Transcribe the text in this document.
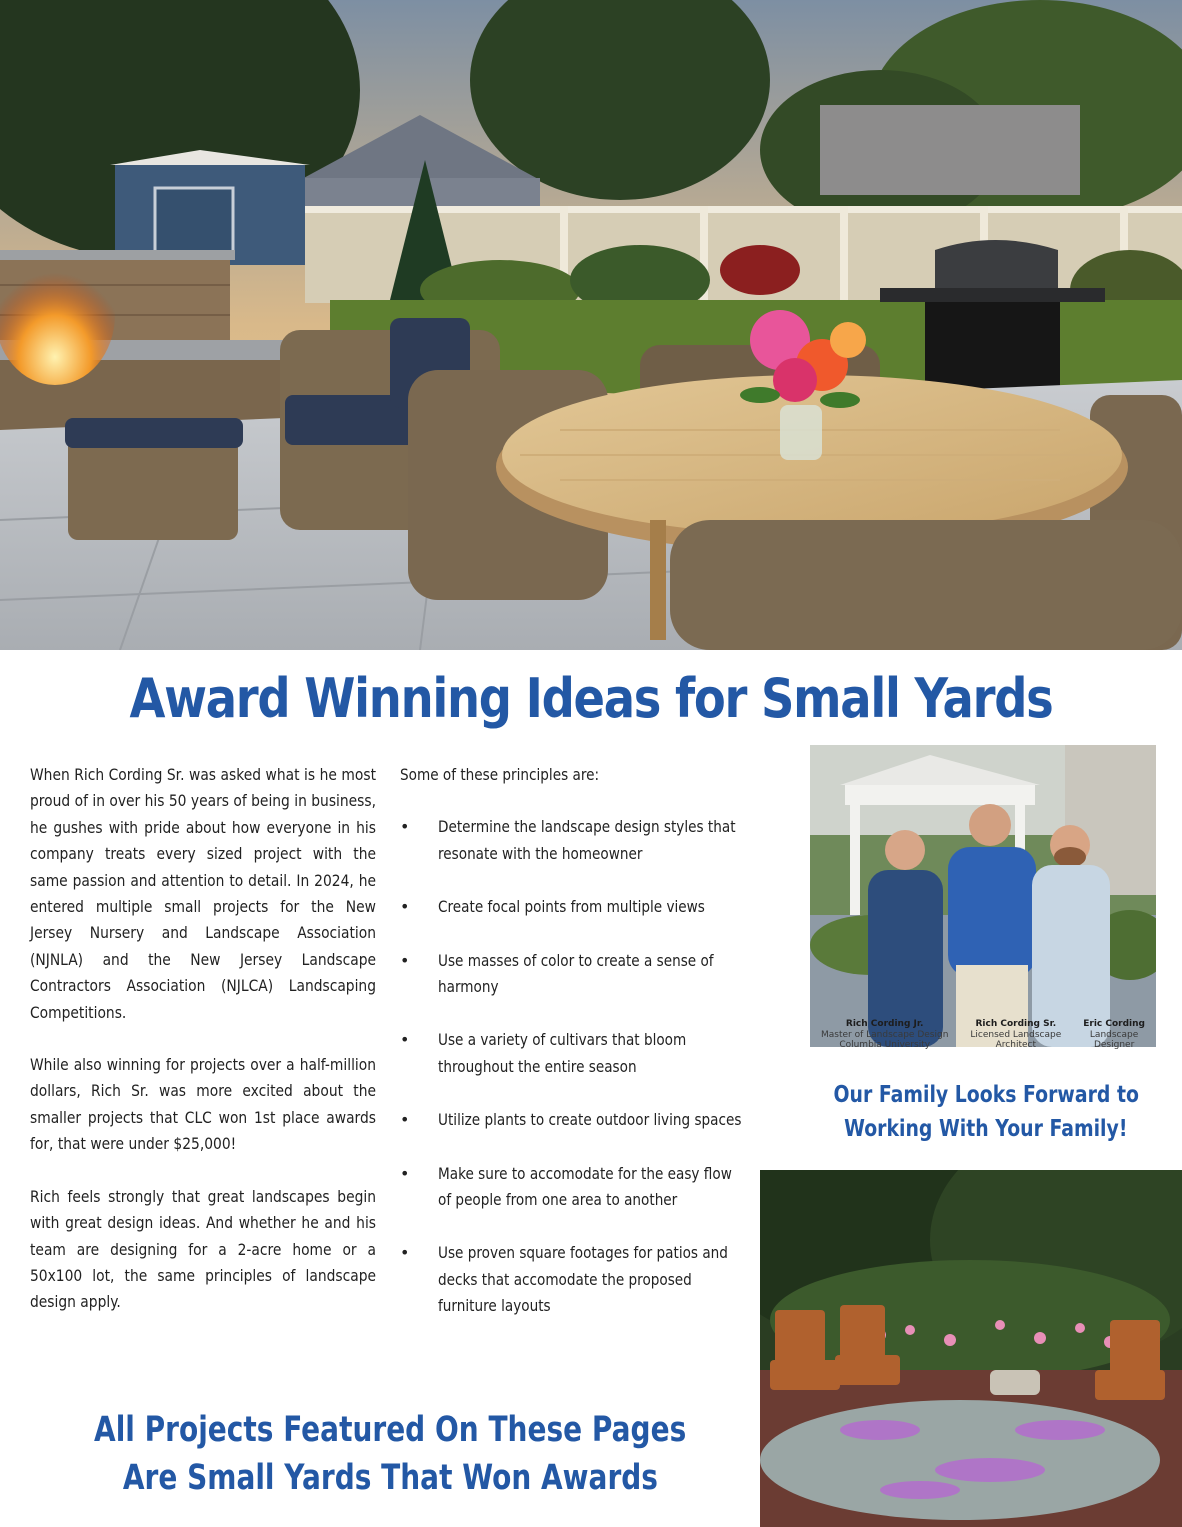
Award Winning Ideas for Small Yards

When Rich Cording Sr. was asked what is he most proud of in over his 50 years of being in business, he gushes with pride about how everyone in his company treats every sized project with the same passion and attention to detail. In 2024, he entered multiple small projects for the New Jersey Nursery and Landscape Association (NJNLA) and the New Jersey Landscape Contractors Association (NJLCA) Landscaping Competitions.

While also winning for projects over a half-million dollars, Rich Sr. was more excited about the smaller projects that CLC won 1st place awards for, that were under $25,000!

Rich feels strongly that great landscapes begin with great design ideas. And whether he and his team are designing for a 2-acre home or a 50x100 lot, the same principles of landscape design apply.

Some of these principles are:
• Determine the landscape design styles that resonate with the homeowner
• Create focal points from multiple views
• Use masses of color to create a sense of harmony
• Use a variety of cultivars that bloom throughout the entire season
• Utilize plants to create outdoor living spaces
• Make sure to accomodate for the easy flow of people from one area to another
• Use proven square footages for patios and decks that accomodate the proposed furniture layouts
Rich Cording Jr.
Master of Landscape Design
Columbia University
Rich Cording Sr.
Licensed Landscape
Architect
Eric Cording
Landscape
Designer
Our Family Looks Forward to
Working With Your Family!
All Projects Featured On These Pages
Are Small Yards That Won Awards
